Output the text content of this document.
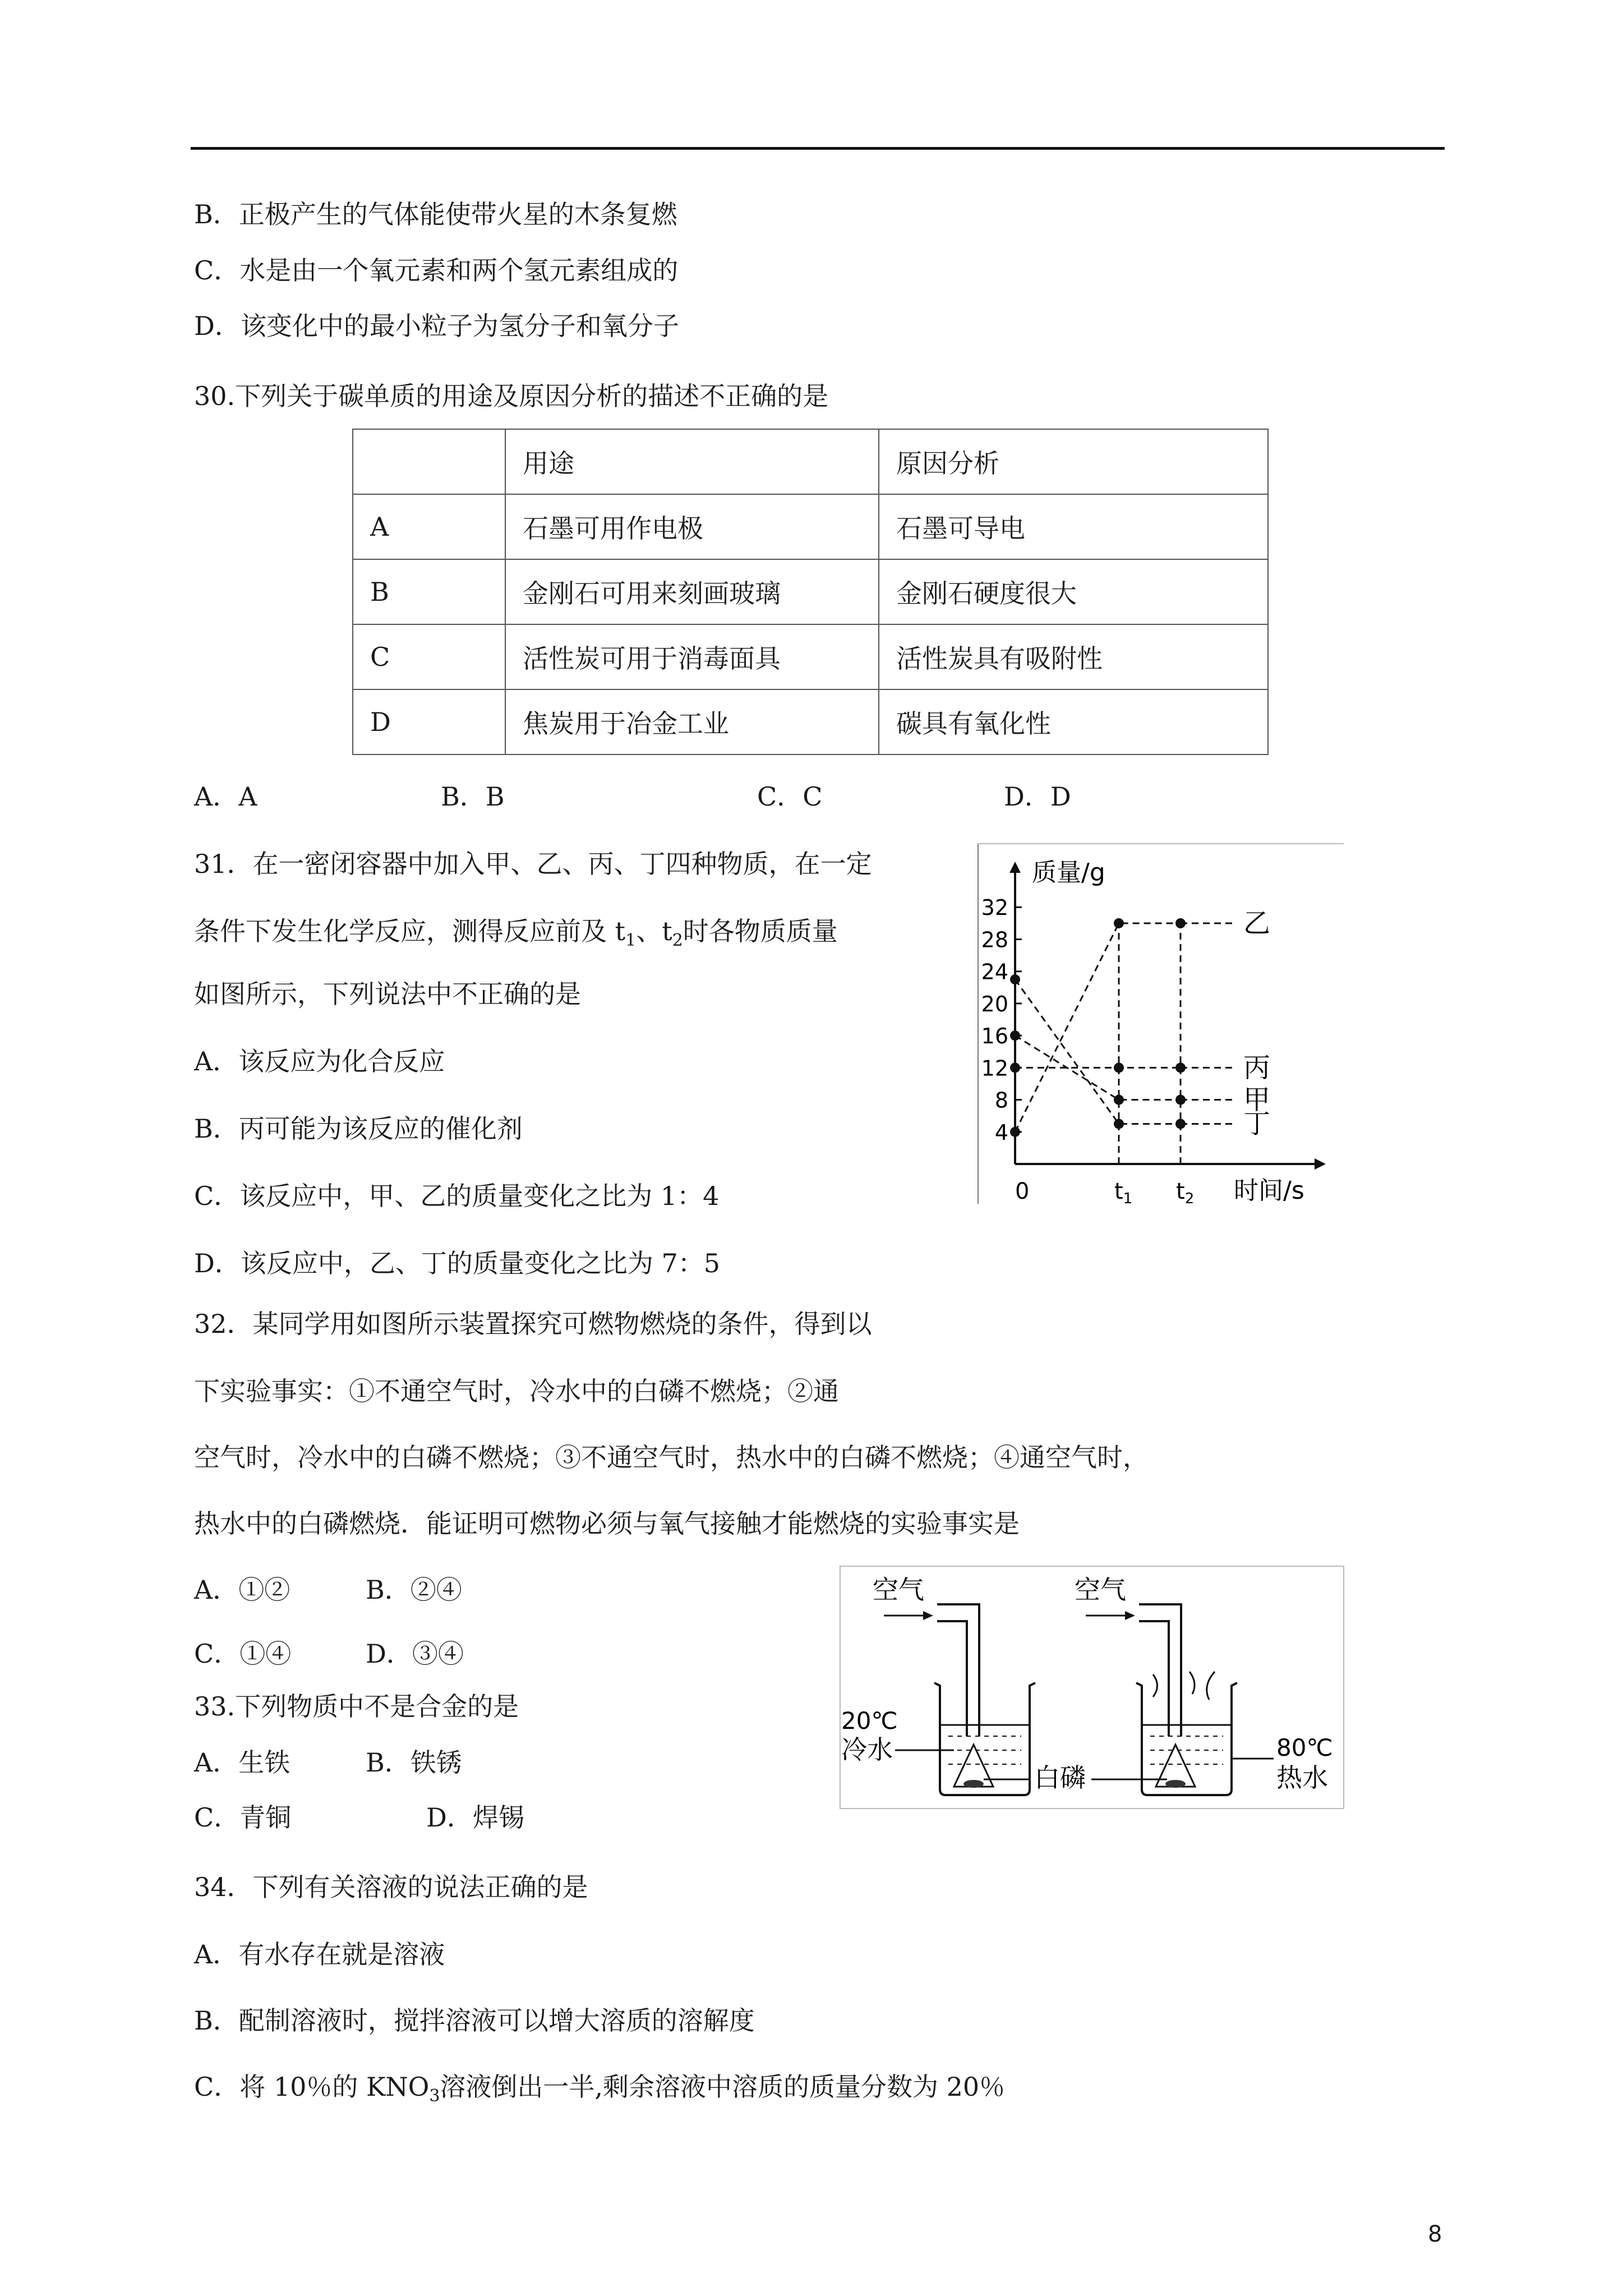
B．正极产生的气体能使带火星的木条复燃
C．水是由一个氧元素和两个氢元素组成的
D．该变化中的最小粒子为氢分子和氧分子
30.下列关于碳单质的用途及原因分析的描述不正确的是
	用途	原因分析
A	石墨可用作电极	石墨可导电
B	金刚石可用来刻画玻璃	金刚石硬度很大
C	活性炭可用于消毒面具	活性炭具有吸附性
D	焦炭用于冶金工业	碳具有氧化性
A．A	B．B	C．C	D．D
31．在一密闭容器中加入甲、乙、丙、丁四种物质，在一定
条件下发生化学反应，测得反应前及 $t_1$、$t_2$时各物质质量
如图所示，下列说法中不正确的是
A．该反应为化合反应
B．丙可能为该反应的催化剂
C．该反应中，甲、乙的质量变化之比为 1：4
D．该反应中，乙、丁的质量变化之比为 7：5
质量/g
时间/s
4
8
12
16
20
24
28
32
0	$t_1$ $t_2$
乙
丙
甲
丁
32．某同学用如图所示装置探究可燃物燃烧的条件，得到以
下实验事实：①不通空气时，冷水中的白磷不燃烧；②通
空气时，冷水中的白磷不燃烧；③不通空气时，热水中的白磷不燃烧；④通空气时，
热水中的白磷燃烧．能证明可燃物必须与氧气接触才能燃烧的实验事实是
A．①②	B．②④
C．①④	D．③④
空气
20℃
冷水
空气
白磷
80℃
热水
33.下列物质中不是合金的是
A．生铁	B．铁锈
C．青铜	D．焊锡
34．下列有关溶液的说法正确的是
A．有水存在就是溶液
B．配制溶液时，搅拌溶液可以增大溶质的溶解度
C．将 10％的 $KNO_3$溶液倒出一半,剩余溶液中溶质的质量分数为 20％
8
